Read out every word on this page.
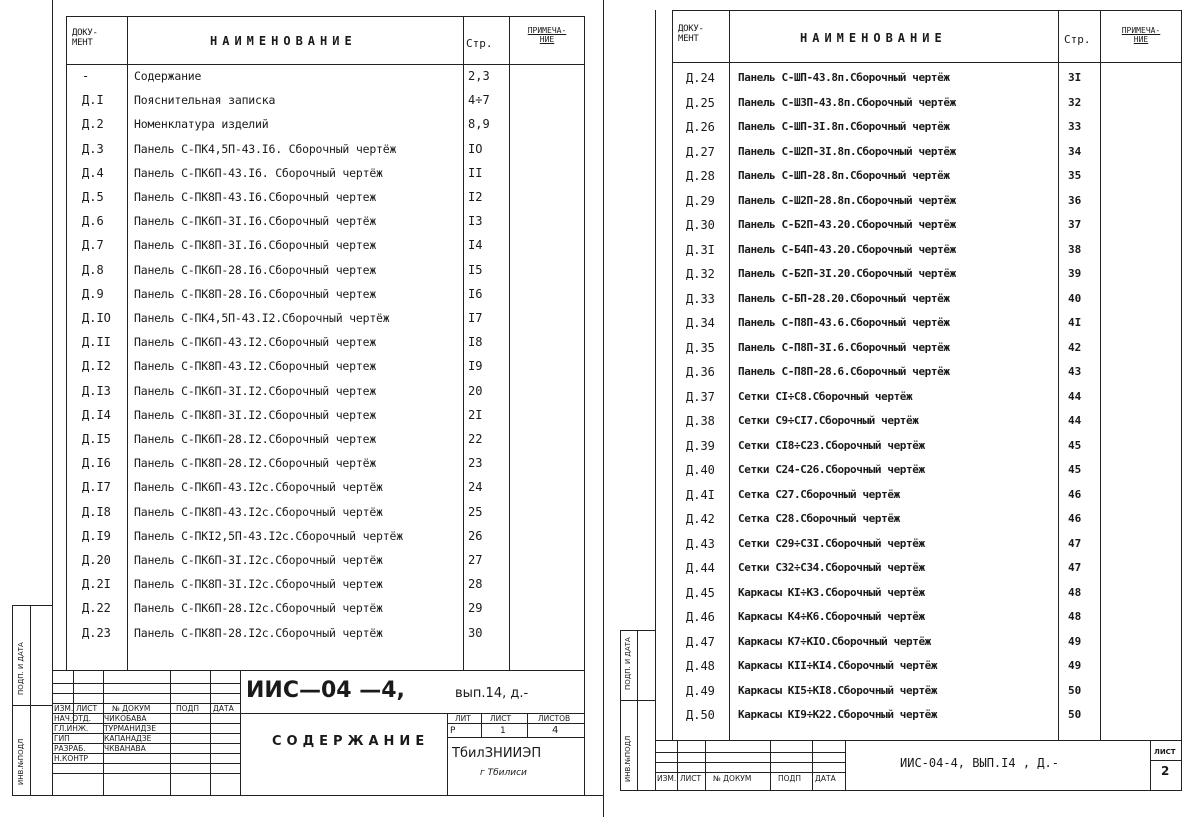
ДОКУ-
МЕНТ	НАИМЕНОВАНИЕ	Стр.
ПРИМЕЧА-
НИЕ
-	Содержание	2,3
Д.I	Пояснительная записка	4÷7
Д.2	Номенклатура изделий	8,9
Д.3	Панель С-ПК4,5П-43.I6. Сборочный чертёж	IO
Д.4	Панель С-ПК6П-43.I6. Сборочный чертёж	II
Д.5	Панель С-ПК8П-43.I6.Сборочный чертеж	I2
Д.6	Панель С-ПК6П-3I.I6.Сборочный чертёж	I3
Д.7	Панель С-ПК8П-3I.I6.Сборочный чертеж	I4
Д.8	Панель С-ПК6П-28.I6.Сборочный чертеж	I5
Д.9	Панель С-ПК8П-28.I6.Сборочный чертеж	I6
Д.IO Панель С-ПК4,5П-43.I2.Сборочный чертёж	I7
Д.II Панель С-ПК6П-43.I2.Сборочный чертеж	I8
Д.I2 Панель С-ПК8П-43.I2.Сборочный чертеж	I9
Д.I3 Панель С-ПК6П-3I.I2.Сборочный чертеж	20
Д.I4 Панель С-ПК8П-3I.I2.Сборочный чертеж	2I
Д.I5 Панель С-ПК6П-28.I2.Сборочный чертеж	22
Д.I6 Панель С-ПК8П-28.I2.Сборочный чертёж	23
Д.I7 Панель С-ПК6П-43.I2с.Сборочный чертёж	24
Д.I8 Панель С-ПК8П-43.I2с.Сборочный чертёж	25
Д.I9 Панель С-ПКI2,5П-43.I2с.Сборочный чертёж	26
Д.20 Панель С-ПК6П-3I.I2с.Сборочный чертёж	27
Д.2I Панель С-ПК8П-3I.I2с.Сборочный чертеж	28
Д.22 Панель С-ПК6П-28.I2с.Сборочный чертёж	29
Д.23 Панель С-ПК8П-28.I2с.Сборочный чертёж	30
ПОДП. И ДАТА
ИНВ.№ПОДЛ
ИЗМ. ЛИСТ № ДОКУМ	ПОДП ДАТА
НАЧ.ОТД. ЧИКОБАВА
ГЛ.ИНЖ. ТУРМАНИДЗЕ
ГИП	КАПАНАДЗЕ
РАЗРАБ. ЧКВАНАВА
Н.КОНТР
ИИС—04 —4,	вып.14, д.-
СОДЕРЖАНИЕ
ЛИТ	ЛИСТ	ЛИСТОВ
Р	1	4
ТбилЗНИИЭП
г Тбилиси
ДОКУ-
МЕНТ	НАИМЕНОВАНИЕ	Стр.
ПРИМЕЧА-
НИЕ
Д.24 Панель С-ШП-43.8п.Сборочный чертёж	3I
Д.25 Панель С-ШЗП-43.8п.Сборочный чертёж	32
Д.26 Панель С-ШП-3I.8п.Сборочный чертёж	33
Д.27 Панель С-Ш2П-3I.8п.Сборочный чертёж	34
Д.28 Панель С-ШП-28.8п.Сборочный чертёж	35
Д.29 Панель С-Ш2П-28.8п.Сборочный чертёж	36
Д.30 Панель С-Б2П-43.20.Сборочный чертёж	37
Д.3I Панель С-Б4П-43.20.Сборочный чертёж	38
Д.32 Панель С-Б2П-3I.20.Сборочный чертёж	39
Д.33 Панель С-БП-28.20.Сборочный чертёж	40
Д.34 Панель С-П8П-43.6.Сборочный чертёж	4I
Д.35 Панель С-П8П-3I.6.Сборочный чертёж	42
Д.36 Панель С-П8П-28.6.Сборочный чертёж	43
Д.37 Сетки СI÷С8.Сборочный чертёж	44
Д.38 Сетки С9÷СI7.Сборочный чертёж	44
Д.39 Сетки СI8÷С23.Сборочный чертёж	45
Д.40 Сетки С24-С26.Сборочный чертёж	45
Д.4I Сетка С27.Сборочный чертёж	46
Д.42 Сетка С28.Сборочный чертёж	46
Д.43 Сетки С29÷С3I.Сборочный чертёж	47
Д.44 Сетки С32÷С34.Сборочный чертёж	47
Д.45 Каркасы КI÷К3.Сборочный чертёж	48
Д.46 Каркасы К4÷К6.Сборочный чертёж	48
Д.47 Каркасы К7÷КIO.Сборочный чертёж	49
Д.48 Каркасы КII÷КI4.Сборочный чертёж	49
Д.49 Каркасы КI5÷КI8.Сборочный чертёж	50
Д.50 Каркасы КI9÷К22.Сборочный чертёж	50
ПОДП. И ДАТА
ИНВ.№ПОДЛ	ИЗМ. ЛИСТ № ДОКУМ	ПОДП ДАТА
ИИС-04-4, ВЫП.I4 , Д.-
ЛИСТ
2
